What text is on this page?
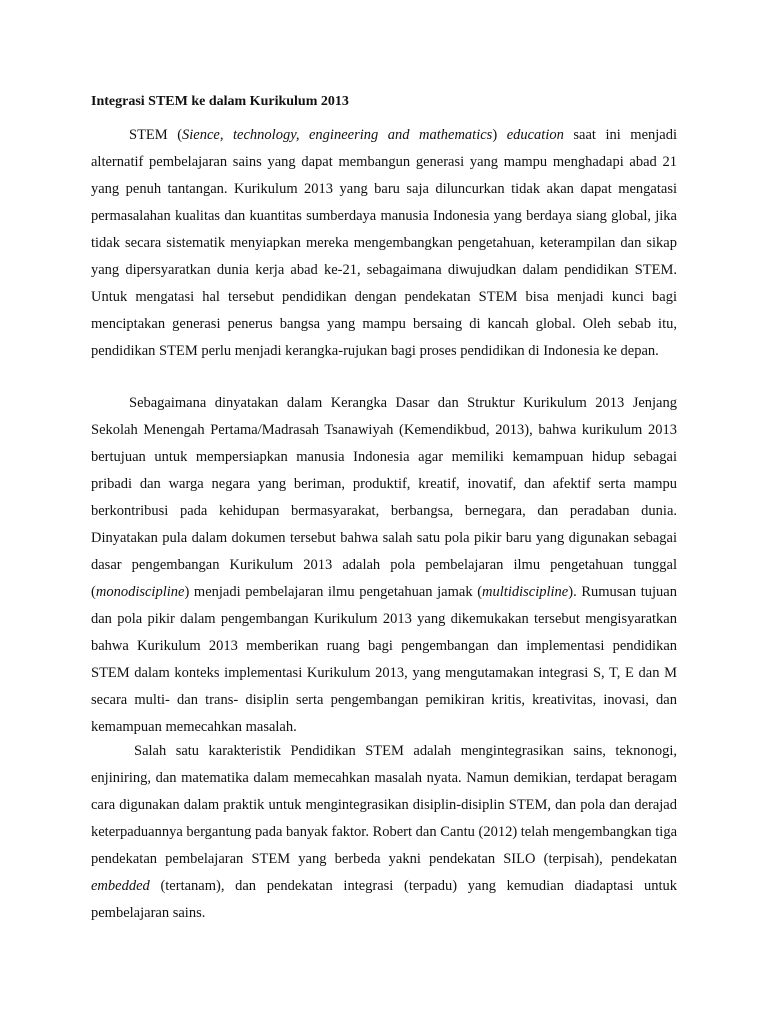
Integrasi STEM ke dalam Kurikulum 2013

STEM (Sience, technology, engineering and mathematics) education saat ini menjadi alternatif pembelajaran sains yang dapat membangun generasi yang mampu menghadapi abad 21 yang penuh tantangan. Kurikulum 2013 yang baru saja diluncurkan tidak akan dapat mengatasi permasalahan kualitas dan kuantitas sumberdaya manusia Indonesia yang berdaya siang global, jika tidak secara sistematik menyiapkan mereka mengembangkan pengetahuan, keterampilan dan sikap yang dipersyaratkan dunia kerja abad ke-21, sebagaimana diwujudkan dalam pendidikan STEM. Untuk mengatasi hal tersebut pendidikan dengan pendekatan STEM bisa menjadi kunci bagi menciptakan generasi penerus bangsa yang mampu bersaing di kancah global. Oleh sebab itu, pendidikan STEM perlu menjadi kerangka-rujukan bagi proses pendidikan di Indonesia ke depan.

Sebagaimana dinyatakan dalam Kerangka Dasar dan Struktur Kurikulum 2013 Jenjang Sekolah Menengah Pertama/Madrasah Tsanawiyah (Kemendikbud, 2013), bahwa kurikulum 2013 bertujuan untuk mempersiapkan manusia Indonesia agar memiliki kemampuan hidup sebagai pribadi dan warga negara yang beriman, produktif, kreatif, inovatif, dan afektif serta mampu berkontribusi pada kehidupan bermasyarakat, berbangsa, bernegara, dan peradaban dunia. Dinyatakan pula dalam dokumen tersebut bahwa salah satu pola pikir baru yang digunakan sebagai dasar pengembangan Kurikulum 2013 adalah pola pembelajaran ilmu pengetahuan tunggal (monodiscipline) menjadi pembelajaran ilmu pengetahuan jamak (multidiscipline). Rumusan tujuan dan pola pikir dalam pengembangan Kurikulum 2013 yang dikemukakan tersebut mengisyaratkan bahwa Kurikulum 2013 memberikan ruang bagi pengembangan dan implementasi pendidikan STEM dalam konteks implementasi Kurikulum 2013, yang mengutamakan integrasi S, T, E dan M secara multi- dan trans- disiplin serta pengembangan pemikiran kritis, kreativitas, inovasi, dan kemampuan memecahkan masalah.

Salah satu karakteristik Pendidikan STEM adalah mengintegrasikan sains, teknonogi, enjiniring, dan matematika dalam memecahkan masalah nyata. Namun demikian, terdapat beragam cara digunakan dalam praktik untuk mengintegrasikan disiplin-disiplin STEM, dan pola dan derajad keterpaduannya bergantung pada banyak faktor. Robert dan Cantu (2012) telah mengembangkan tiga pendekatan pembelajaran STEM yang berbeda yakni pendekatan SILO (terpisah), pendekatan embedded (tertanam), dan pendekatan integrasi (terpadu) yang kemudian diadaptasi untuk pembelajaran sains.
